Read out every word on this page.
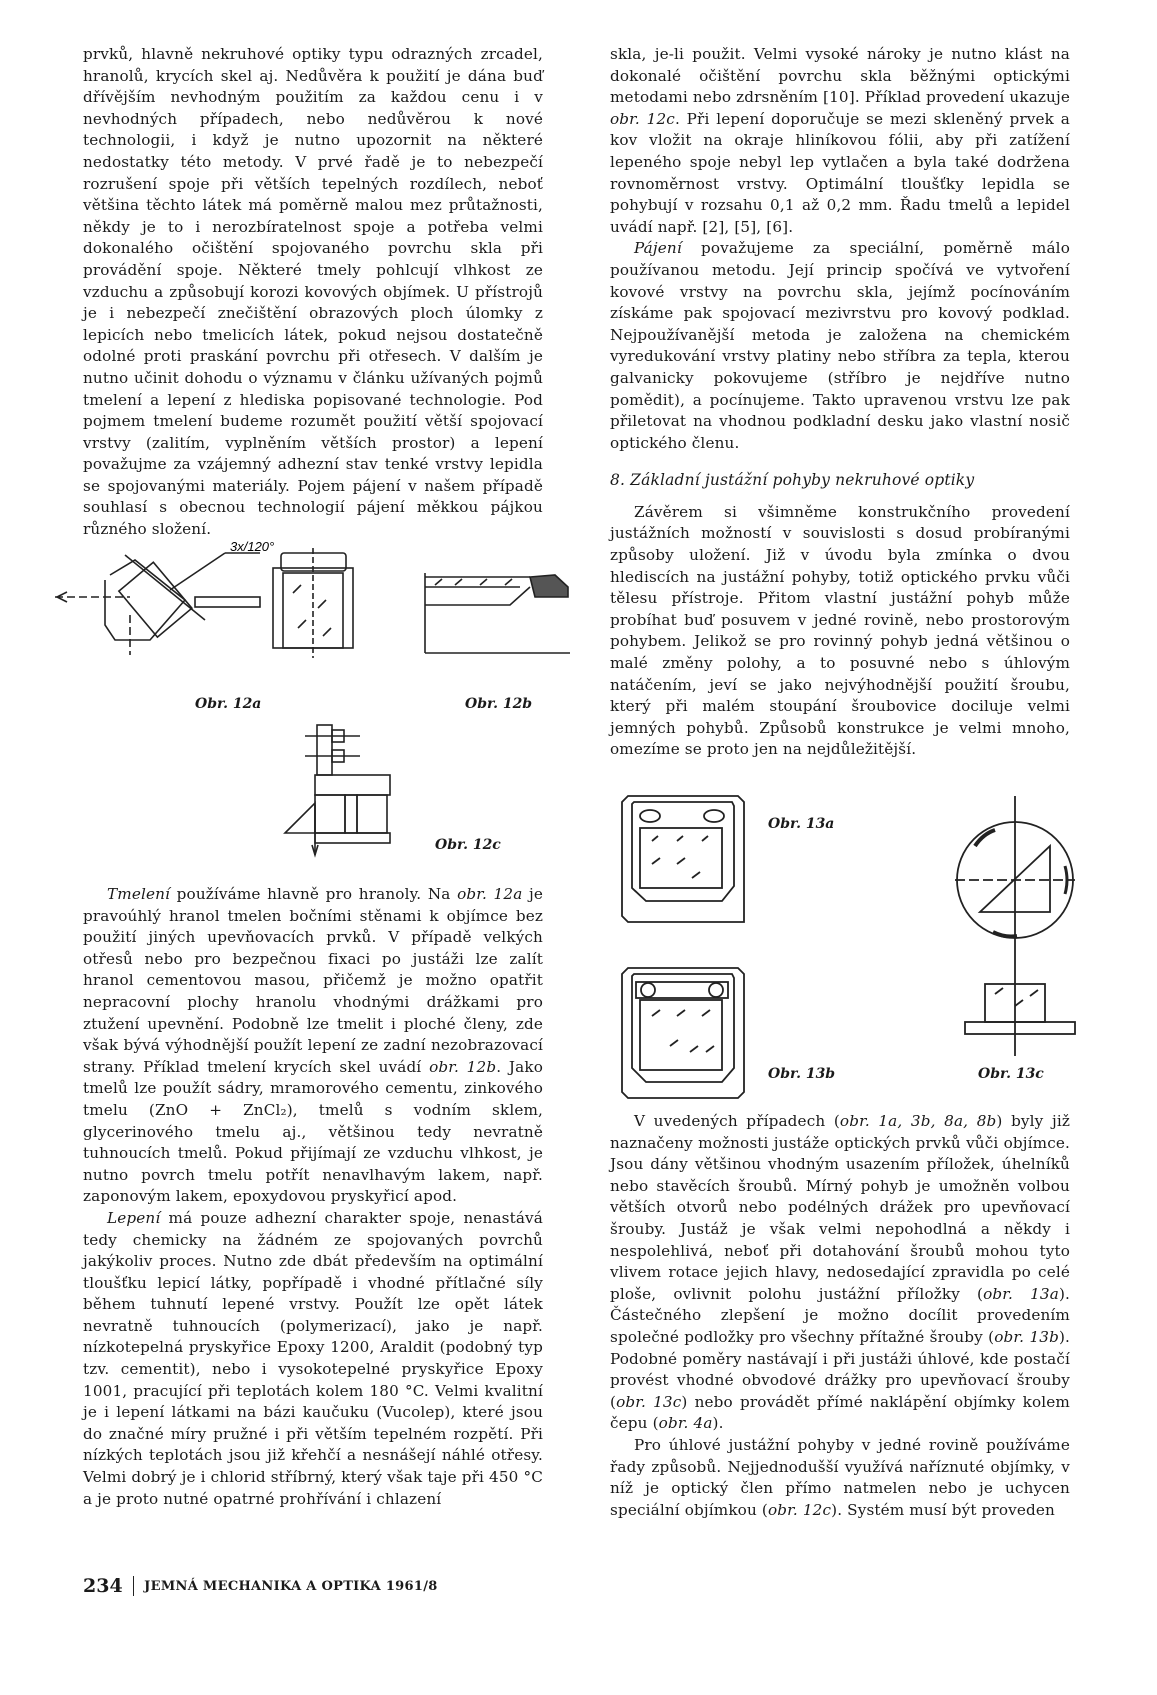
prvků, hlavně nekruhové optiky typu odrazných zrcadel, hranolů, krycích skel aj. Nedůvěra k použití je dána buď dřívějším nevhodným použitím za každou cenu i v nevhodných případech, nebo nedůvěrou k nové technologii, i když je nutno upozornit na některé nedostatky této metody. V prvé řadě je to nebezpečí rozrušení spoje při větších tepelných rozdílech, neboť většina těchto látek má poměrně malou mez průtažnosti, někdy je to i nerozbíratelnost spoje a potřeba velmi dokonalého očištění spojovaného povrchu skla při provádění spoje. Některé tmely pohlcují vlhkost ze vzduchu a způsobují korozi kovových objímek. U přístrojů je i nebezpečí znečištění obrazových ploch úlomky z lepicích nebo tmelicích látek, pokud nejsou dostatečně odolné proti praskání povrchu při otřesech. V dalším je nutno učinit dohodu o významu v článku užívaných pojmů tmelení a lepení z hlediska popisované technologie. Pod pojmem tmelení budeme rozumět použití větší spojovací vrstvy (zalitím, vyplněním větších prostor) a lepení považujme za vzájemný adhezní stav tenké vrstvy lepidla se spojovanými materiály. Pojem pájení v našem případě souhlasí s obecnou technologií pájení měkkou pájkou různého složení.

3x/120°
Obr. 12a	Obr. 12b
Obr. 12c

Tmelení používáme hlavně pro hranoly. Na obr. 12a je pravoúhlý hranol tmelen bočními stěnami k objímce bez použití jiných upevňovacích prvků. V případě velkých otřesů nebo pro bezpečnou fixaci po justáži lze zalít hranol cementovou masou, přičemž je možno opatřit nepracovní plochy hranolu vhodnými drážkami pro ztužení upevnění. Podobně lze tmelit i ploché členy, zde však bývá výhodnější použít lepení ze zadní nezobrazovací strany. Příklad tmelení krycích skel uvádí obr. 12b. Jako tmelů lze použít sádry, mramorového cementu, zinkového tmelu (ZnO + ZnCl₂), tmelů s vodním sklem, glycerinového tmelu aj., většinou tedy nevratně tuhnoucích tmelů. Pokud přijímají ze vzduchu vlhkost, je nutno povrch tmelu potřít nenavlhavým lakem, např. zaponovým lakem, epoxydovou pryskyřicí apod.

Lepení má pouze adhezní charakter spoje, nenastává tedy chemicky na žádném ze spojovaných povrchů jakýkoliv proces. Nutno zde dbát především na optimální tloušťku lepicí látky, popřípadě i vhodné přítlačné síly během tuhnutí lepené vrstvy. Použít lze opět látek nevratně tuhnoucích (polymerizací), jako je např. nízkotepelná pryskyřice Epoxy 1200, Araldit (podobný typ tzv. cementit), nebo i vysokotepelné pryskyřice Epoxy 1001, pracující při teplotách kolem 180 °C. Velmi kvalitní je i lepení látkami na bázi kaučuku (Vucolep), které jsou do značné míry pružné i při větším tepelném rozpětí. Při nízkých teplotách jsou již křehčí a nesnášejí náhlé otřesy. Velmi dobrý je i chlorid stříbrný, který však taje při 450 °C a je proto nutné opatrné prohřívání i chlazení

skla, je-li použit. Velmi vysoké nároky je nutno klást na dokonalé očištění povrchu skla běžnými optickými metodami nebo zdrsněním [10]. Příklad provedení ukazuje obr. 12c. Při lepení doporučuje se mezi skleněný prvek a kov vložit na okraje hliníkovou fólii, aby při zatížení lepeného spoje nebyl lep vytlačen a byla také dodržena rovnoměrnost vrstvy. Optimální tloušťky lepidla se pohybují v rozsahu 0,1 až 0,2 mm. Řadu tmelů a lepidel uvádí např. [2], [5], [6].

Pájení považujeme za speciální, poměrně málo používanou metodu. Její princip spočívá ve vytvoření kovové vrstvy na povrchu skla, jejímž pocínováním získáme pak spojovací mezivrstvu pro kovový podklad. Nejpoužívanější metoda je založena na chemickém vyredukování vrstvy platiny nebo stříbra za tepla, kterou galvanicky pokovujeme (stříbro je nejdříve nutno pomědit), a pocínujeme. Takto upravenou vrstvu lze pak přiletovat na vhodnou podkladní desku jako vlastní nosič optického členu.

8. Základní justážní pohyby nekruhové optiky

Závěrem si všimněme konstrukčního provedení justážních možností v souvislosti s dosud probíranými způsoby uložení. Již v úvodu byla zmínka o dvou hlediscích na justážní pohyby, totiž optického prvku vůči tělesu přístroje. Přitom vlastní justážní pohyb může probíhat buď posuvem v jedné rovině, nebo prostorovým pohybem. Jelikož se pro rovinný pohyb jedná většinou o malé změny polohy, a to posuvné nebo s úhlovým natáčením, jeví se jako nejvýhodnější použití šroubu, který při malém stoupání šroubovice dociluje velmi jemných pohybů. Způsobů konstrukce je velmi mnoho, omezíme se proto jen na nejdůležitější.

Obr. 13a
Obr. 13b	Obr. 13c

V uvedených případech (obr. 1a, 3b, 8a, 8b) byly již naznačeny možnosti justáže optických prvků vůči objímce. Jsou dány většinou vhodným usazením příložek, úhelníků nebo stavěcích šroubů. Mírný pohyb je umožněn volbou větších otvorů nebo podélných drážek pro upevňovací šrouby. Justáž je však velmi nepohodlná a někdy i nespolehlivá, neboť při dotahování šroubů mohou tyto vlivem rotace jejich hlavy, nedosedající zpravidla po celé ploše, ovlivnit polohu justážní příložky (obr. 13a). Částečného zlepšení je možno docílit provedením společné podložky pro všechny přítažné šrouby (obr. 13b). Podobné poměry nastávají i při justáži úhlové, kde postačí provést vhodné obvodové drážky pro upevňovací šrouby (obr. 13c) nebo provádět přímé naklápění objímky kolem čepu (obr. 4a).

Pro úhlové justážní pohyby v jedné rovině používáme řady způsobů. Nejjednodušší využívá naříznuté objímky, v níž je optický člen přímo natmelen nebo je uchycen speciální objímkou (obr. 12c). Systém musí být proveden

234 JEMNÁ MECHANIKA A OPTIKA 1961/8
